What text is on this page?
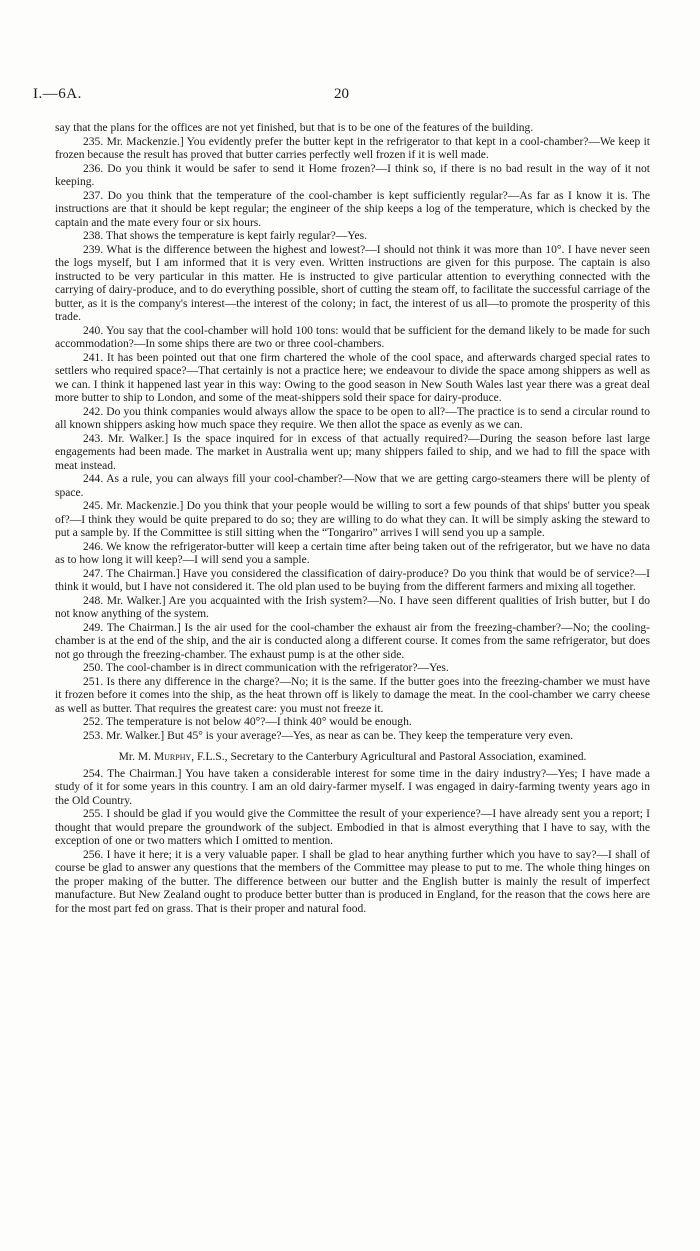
I.—6A.	20

say that the plans for the offices are not yet finished, but that is to be one of the features of the building.

235. Mr. Mackenzie.] You evidently prefer the butter kept in the refrigerator to that kept in a cool-chamber?—We keep it frozen because the result has proved that butter carries perfectly well frozen if it is well made.

236. Do you think it would be safer to send it Home frozen?—I think so, if there is no bad result in the way of it not keeping.

237. Do you think that the temperature of the cool-chamber is kept sufficiently regular?—As far as I know it is. The instructions are that it should be kept regular; the engineer of the ship keeps a log of the temperature, which is checked by the captain and the mate every four or six hours.

238. That shows the temperature is kept fairly regular?—Yes.

239. What is the difference between the highest and lowest?—I should not think it was more than 10°. I have never seen the logs myself, but I am informed that it is very even. Written instructions are given for this purpose. The captain is also instructed to be very particular in this matter. He is instructed to give particular attention to everything connected with the carrying of dairy-produce, and to do everything possible, short of cutting the steam off, to facilitate the successful carriage of the butter, as it is the company's interest—the interest of the colony; in fact, the interest of us all—to promote the prosperity of this trade.

240. You say that the cool-chamber will hold 100 tons: would that be sufficient for the demand likely to be made for such accommodation?—In some ships there are two or three cool-chambers.

241. It has been pointed out that one firm chartered the whole of the cool space, and afterwards charged special rates to settlers who required space?—That certainly is not a practice here; we endeavour to divide the space among shippers as well as we can. I think it happened last year in this way: Owing to the good season in New South Wales last year there was a great deal more butter to ship to London, and some of the meat-shippers sold their space for dairy-produce.

242. Do you think companies would always allow the space to be open to all?—The practice is to send a circular round to all known shippers asking how much space they require. We then allot the space as evenly as we can.

243. Mr. Walker.] Is the space inquired for in excess of that actually required?—During the season before last large engagements had been made. The market in Australia went up; many shippers failed to ship, and we had to fill the space with meat instead.

244. As a rule, you can always fill your cool-chamber?—Now that we are getting cargo-steamers there will be plenty of space.

245. Mr. Mackenzie.] Do you think that your people would be willing to sort a few pounds of that ships' butter you speak of?—I think they would be quite prepared to do so; they are willing to do what they can. It will be simply asking the steward to put a sample by. If the Committee is still sitting when the “Tongariro” arrives I will send you up a sample.

246. We know the refrigerator-butter will keep a certain time after being taken out of the refrigerator, but we have no data as to how long it will keep?—I will send you a sample.

247. The Chairman.] Have you considered the classification of dairy-produce? Do you think that would be of service?—I think it would, but I have not considered it. The old plan used to be buying from the different farmers and mixing all together.

248. Mr. Walker.] Are you acquainted with the Irish system?—No. I have seen different qualities of Irish butter, but I do not know anything of the system.

249. The Chairman.] Is the air used for the cool-chamber the exhaust air from the freezing-chamber?—No; the cooling-chamber is at the end of the ship, and the air is conducted along a different course. It comes from the same refrigerator, but does not go through the freezing-chamber. The exhaust pump is at the other side.

250. The cool-chamber is in direct communication with the refrigerator?—Yes.

251. Is there any difference in the charge?—No; it is the same. If the butter goes into the freezing-chamber we must have it frozen before it comes into the ship, as the heat thrown off is likely to damage the meat. In the cool-chamber we carry cheese as well as butter. That requires the greatest care: you must not freeze it.

252. The temperature is not below 40°?—I think 40° would be enough.

253. Mr. Walker.] But 45° is your average?—Yes, as near as can be. They keep the temperature very even.

Mr. M. Murphy, F.L.S., Secretary to the Canterbury Agricultural and Pastoral Association, examined.

254. The Chairman.] You have taken a considerable interest for some time in the dairy industry?—Yes; I have made a study of it for some years in this country. I am an old dairy-farmer myself. I was engaged in dairy-farming twenty years ago in the Old Country.

255. I should be glad if you would give the Committee the result of your experience?—I have already sent you a report; I thought that would prepare the groundwork of the subject. Embodied in that is almost everything that I have to say, with the exception of one or two matters which I omitted to mention.

256. I have it here; it is a very valuable paper. I shall be glad to hear anything further which you have to say?—I shall of course be glad to answer any questions that the members of the Committee may please to put to me. The whole thing hinges on the proper making of the butter. The difference between our butter and the English butter is mainly the result of imperfect manufacture. But New Zealand ought to produce better butter than is produced in England, for the reason that the cows here are for the most part fed on grass. That is their proper and natural food.
